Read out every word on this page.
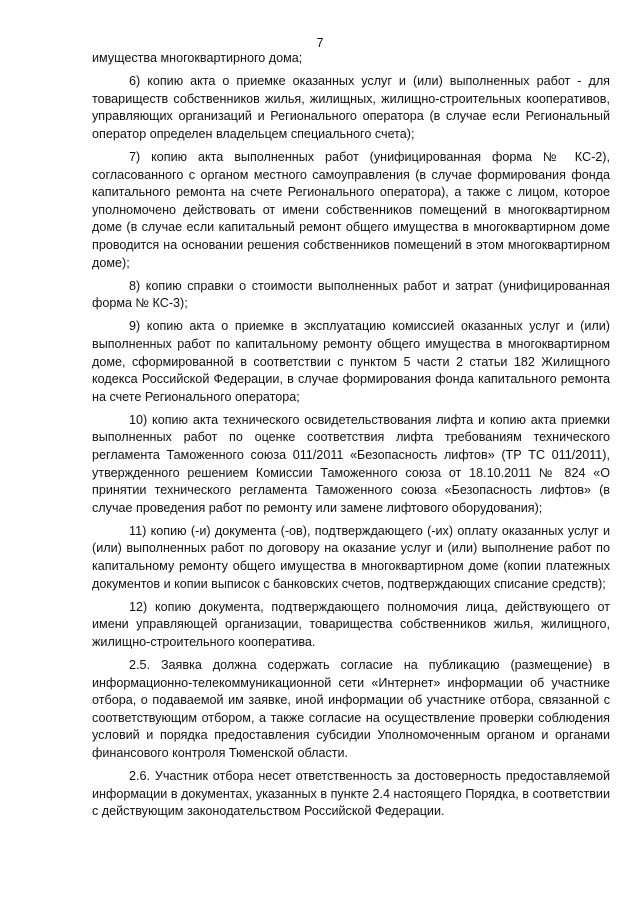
7

имущества многоквартирного дома;

6) копию акта о приемке оказанных услуг и (или) выполненных работ - для товариществ собственников жилья, жилищных, жилищно-строительных кооперативов, управляющих организаций и Регионального оператора (в случае если Региональный оператор определен владельцем специального счета);

7) копию акта выполненных работ (унифицированная форма № КС-2), согласованного с органом местного самоуправления (в случае формирования фонда капитального ремонта на счете Регионального оператора), а также с лицом, которое уполномочено действовать от имени собственников помещений в многоквартирном доме (в случае если капитальный ремонт общего имущества в многоквартирном доме проводится на основании решения собственников помещений в этом многоквартирном доме);

8) копию справки о стоимости выполненных работ и затрат (унифицированная форма № КС-3);

9) копию акта о приемке в эксплуатацию комиссией оказанных услуг и (или) выполненных работ по капитальному ремонту общего имущества в многоквартирном доме, сформированной в соответствии с пунктом 5 части 2 статьи 182 Жилищного кодекса Российской Федерации, в случае формирования фонда капитального ремонта на счете Регионального оператора;

10) копию акта технического освидетельствования лифта и копию акта приемки выполненных работ по оценке соответствия лифта требованиям технического регламента Таможенного союза 011/2011 «Безопасность лифтов» (ТР ТС 011/2011), утвержденного решением Комиссии Таможенного союза от 18.10.2011 № 824 «О принятии технического регламента Таможенного союза «Безопасность лифтов» (в случае проведения работ по ремонту или замене лифтового оборудования);

11) копию (-и) документа (-ов), подтверждающего (-их) оплату оказанных услуг и (или) выполненных работ по договору на оказание услуг и (или) выполнение работ по капитальному ремонту общего имущества в многоквартирном доме (копии платежных документов и копии выписок с банковских счетов, подтверждающих списание средств);

12) копию документа, подтверждающего полномочия лица, действующего от имени управляющей организации, товарищества собственников жилья, жилищного, жилищно-строительного кооператива.

2.5. Заявка должна содержать согласие на публикацию (размещение) в информационно-телекоммуникационной сети «Интернет» информации об участнике отбора, о подаваемой им заявке, иной информации об участнике отбора, связанной с соответствующим отбором, а также согласие на осуществление проверки соблюдения условий и порядка предоставления субсидии Уполномоченным органом и органами финансового контроля Тюменской области.

2.6. Участник отбора несет ответственность за достоверность предоставляемой информации в документах, указанных в пункте 2.4 настоящего Порядка, в соответствии с действующим законодательством Российской Федерации.
